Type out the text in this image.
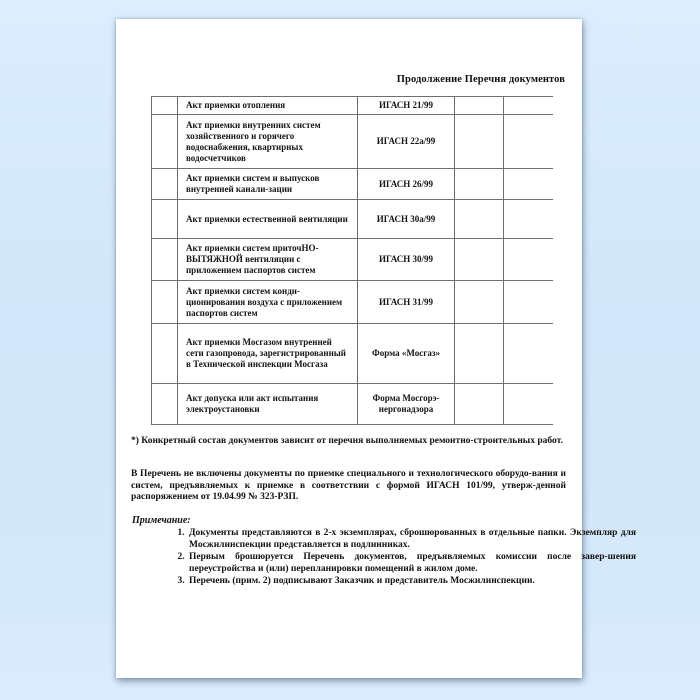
Продолжение Перечня документов
	Акт приемки отопления	ИГАСН 21/99		
	Акт приемки внутренних систем хозяйственного и горячего водоснабжения, квартирных водосчетчиков	ИГАСН 22а/99		
	Акт приемки систем и выпусков внутренней канали-зации	ИГАСН 26/99		
	Акт приемки естественной вентиляции	ИГАСН 30а/99		
	Акт приемки систем приточНО-ВЫТЯЖНОЙ вентиляции с приложением паспортов систем	ИГАСН 30/99		
	Акт приемки систем конди-ционирования воздуха с приложением паспортов систем	ИГАСН 31/99		
	Акт приемки Мосгазом внутренней сети газопровода, зарегистрированный в Технической инспекции Мосгаза	Форма «Мосгаз»		
	Акт допуска или акт испытания электроустановки	Форма Мосгорэ-нергонадзора		
*) Конкретный состав документов зависит от перечня выполняемых ремонтно-строительных работ.
В Перечень не включены документы по приемке специального и технологического оборудо-вания и систем, предъявляемых к приемке в соответствии с формой ИГАСН 101/99, утверж-денной распоряжением от 19.04.99 № 323-РЗП.
Примечание:
1. Документы представляются в 2-х экземплярах, сброшюрованных в отдельные папки. Экземпляр для Мосжилинспекции представляется в подлинниках.
2. Первым брошюруется Перечень документов, предъявляемых комиссии после завер-шения переустройства и (или) перепланировки помещений в жилом доме.
3. Перечень (прим. 2) подписывают Заказчик и представитель Мосжилинспекции.
